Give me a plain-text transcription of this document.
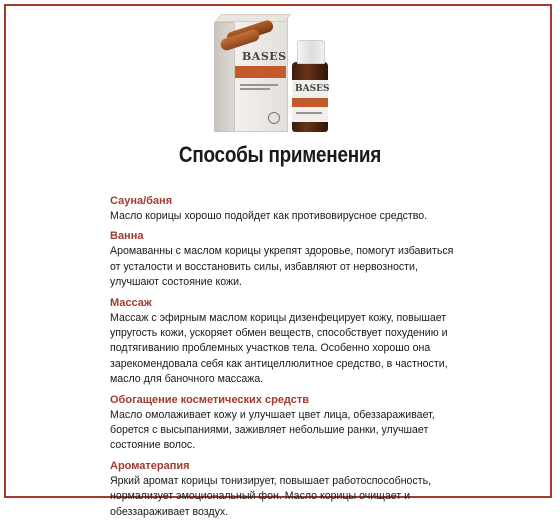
BASES
BASES
Способы применения
Сауна/баня
Масло корицы хорошо подойдет как противовирусное средство.
Ванна
Аромаванны с маслом корицы укрепят здоровье, помогут избавиться от усталости и восстановить силы, избавляют от нервозности, улучшают состояние кожи.
Массаж
Массаж с эфирным маслом корицы дизенфецирует кожу, повышает упругость кожи, ускоряет обмен веществ, способствует похудению и подтягиванию проблемных участков тела. Особенно хорошо она зарекомендовала себя как антицеллюлитное средство, в частности, масло для баночного массажа.
Обогащение косметических средств
Масло омолаживает кожу и улучшает цвет лица, обеззараживает, борется с высыпаниями, заживляет небольшие ранки, улучшает состояние волос.
Ароматерапия
Яркий аромат корицы тонизирует, повышает работоспособность, нормализует эмоциональный фон. Масло корицы очищает и обеззараживает воздух.
